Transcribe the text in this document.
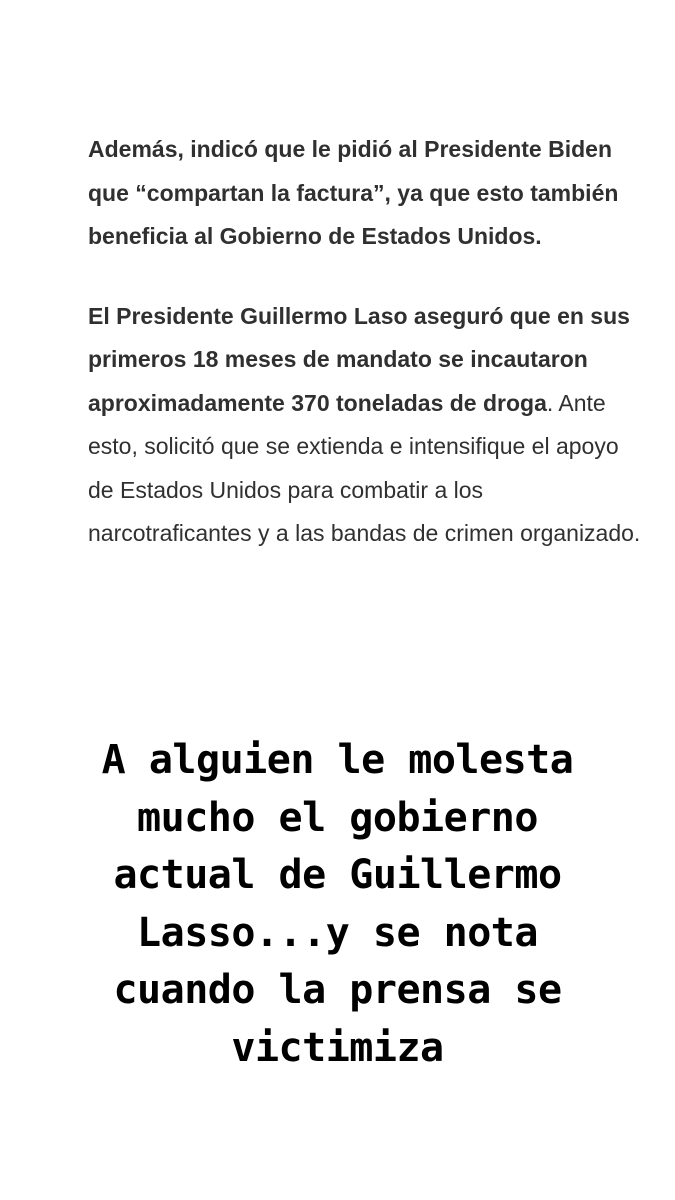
Además, indicó que le pidió al Presidente Biden que “compartan la factura”, ya que esto también beneficia al Gobierno de Estados Unidos.

El Presidente Guillermo Laso aseguró que en sus primeros 18 meses de mandato se incautaron aproximadamente 370 toneladas de droga. Ante esto, solicitó que se extienda e intensifique el apoyo de Estados Unidos para combatir a los narcotraficantes y a las bandas de crimen organizado.

A alguien le molesta
mucho el gobierno
actual de Guillermo
Lasso...y se nota
cuando la prensa se
victimiza
